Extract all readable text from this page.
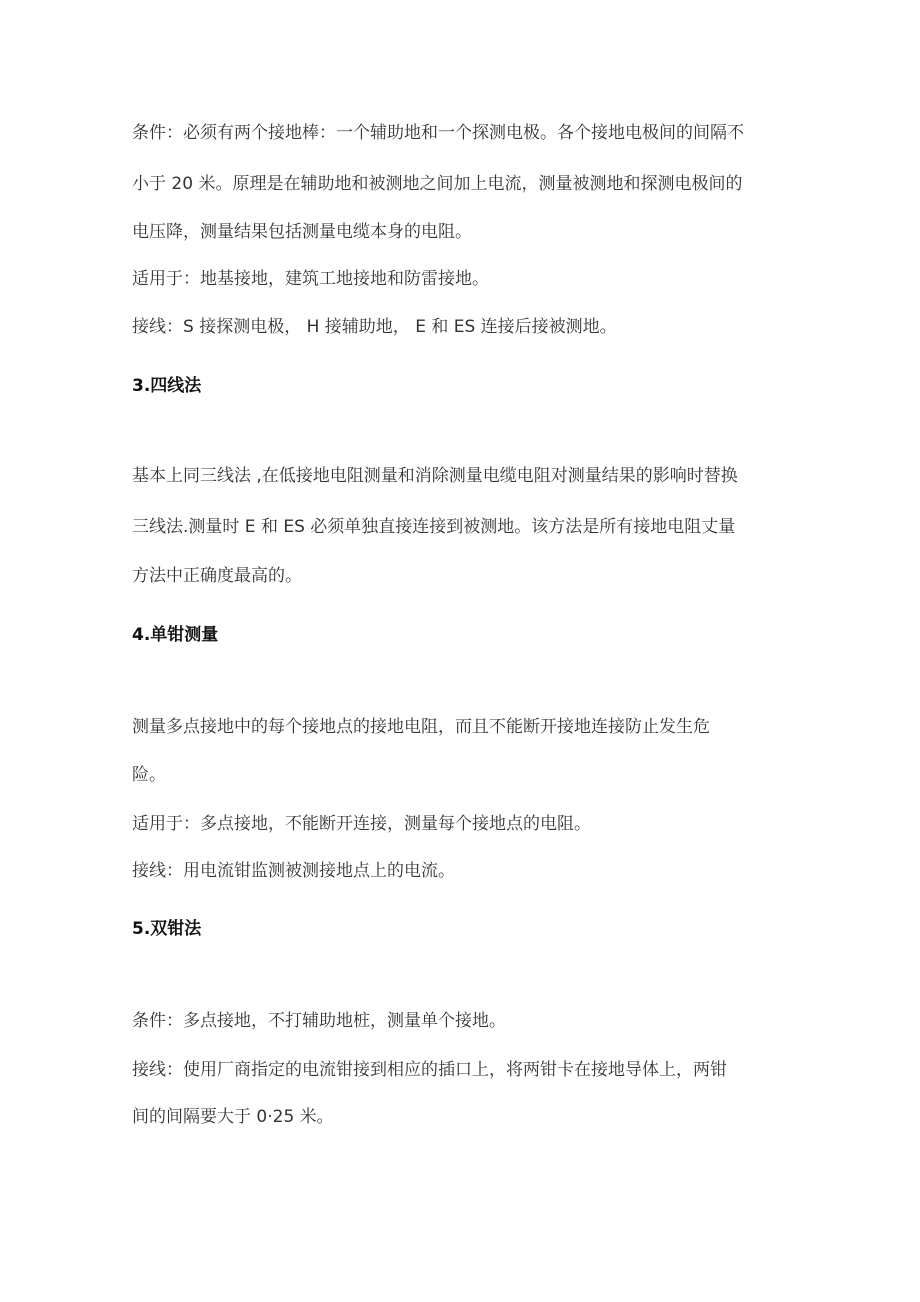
条件：必须有两个接地棒：一个辅助地和一个探测电极。各个接地电极间的间隔不

小于 20 米。原理是在辅助地和被测地之间加上电流，测量被测地和探测电极间的

电压降，测量结果包括测量电缆本身的电阻。

适用于：地基接地，建筑工地接地和防雷接地。

接线：S 接探测电极， H 接辅助地， E 和 ES 连接后接被测地。

3.四线法

基本上同三线法 ,在低接地电阻测量和消除测量电缆电阻对测量结果的影响时替换

三线法.测量时 E 和 ES 必须单独直接连接到被测地。该方法是所有接地电阻丈量

方法中正确度最高的。

4.单钳测量

测量多点接地中的每个接地点的接地电阻，而且不能断开接地连接防止发生危

险。

适用于：多点接地，不能断开连接，测量每个接地点的电阻。

接线：用电流钳监测被测接地点上的电流。

5.双钳法

条件：多点接地，不打辅助地桩，测量单个接地。

接线：使用厂商指定的电流钳接到相应的插口上，将两钳卡在接地导体上，两钳

间的间隔要大于 0·25 米。
